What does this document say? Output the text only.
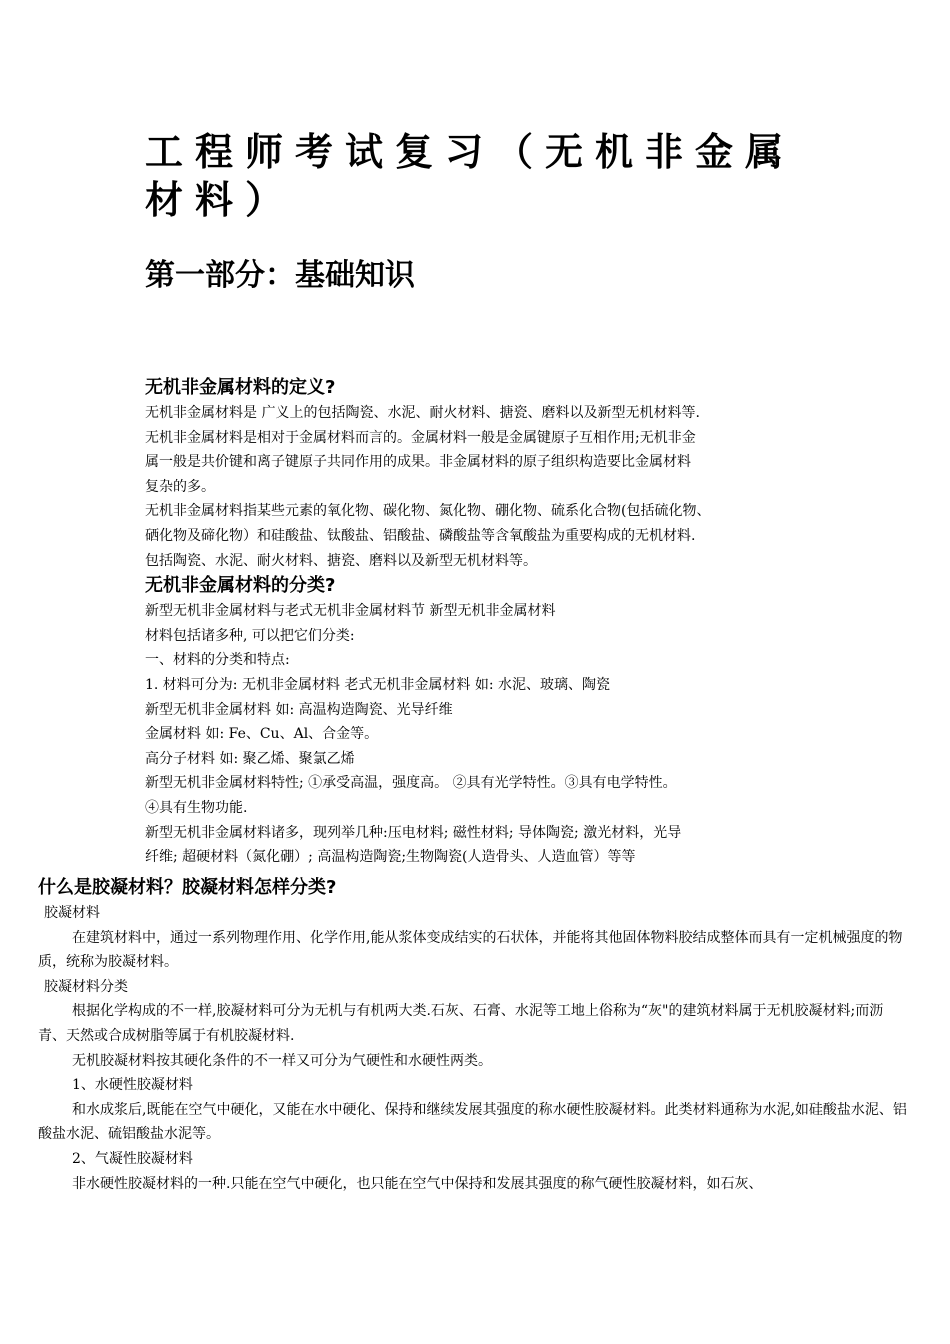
工程师考试复习（无机非金属材料）
第一部分：基础知识
无机非金属材料的定义?

无机非金属材料是 广义上的包括陶瓷、水泥、耐火材料、搪瓷、磨料以及新型无机材料等.

无机非金属材料是相对于金属材料而言的。金属材料一般是金属键原子互相作用;无机非金

属一般是共价键和离子键原子共同作用的成果。非金属材料的原子组织构造要比金属材料

复杂的多。

无机非金属材料指某些元素的氧化物、碳化物、氮化物、硼化物、硫系化合物(包括硫化物、

硒化物及碲化物）和硅酸盐、钛酸盐、铝酸盐、磷酸盐等含氧酸盐为重要构成的无机材料.

包括陶瓷、水泥、耐火材料、搪瓷、磨料以及新型无机材料等。

无机非金属材料的分类?

新型无机非金属材料与老式无机非金属材料节 新型无机非金属材料

材料包括诸多种, 可以把它们分类:

一、材料的分类和特点:

1. 材料可分为: 无机非金属材料 老式无机非金属材料 如: 水泥、玻璃、陶瓷

新型无机非金属材料 如: 高温构造陶瓷、光导纤维

金属材料 如: Fe、Cu、Al、合金等。

高分子材料 如: 聚乙烯、聚氯乙烯

新型无机非金属材料特性; ①承受高温，强度高。 ②具有光学特性。③具有电学特性。

④具有生物功能.

新型无机非金属材料诸多，现列举几种:压电材料; 磁性材料; 导体陶瓷; 激光材料，光导

纤维; 超硬材料（氮化硼）; 高温构造陶瓷;生物陶瓷(人造骨头、人造血管）等等

什么是胶凝材料？胶凝材料怎样分类?

胶凝材料

在建筑材料中，通过一系列物理作用、化学作用,能从浆体变成结实的石状体，并能将其他固体物料胶结成整体而具有一定机械强度的物质，统称为胶凝材料。

胶凝材料分类

根据化学构成的不一样,胶凝材料可分为无机与有机两大类.石灰、石膏、水泥等工地上俗称为“灰"的建筑材料属于无机胶凝材料;而沥青、天然或合成树脂等属于有机胶凝材料.

无机胶凝材料按其硬化条件的不一样又可分为气硬性和水硬性两类。

1、水硬性胶凝材料

和水成浆后,既能在空气中硬化，又能在水中硬化、保持和继续发展其强度的称水硬性胶凝材料。此类材料通称为水泥,如硅酸盐水泥、铝酸盐水泥、硫铝酸盐水泥等。

2、气凝性胶凝材料

非水硬性胶凝材料的一种.只能在空气中硬化，也只能在空气中保持和发展其强度的称气硬性胶凝材料，如石灰、
